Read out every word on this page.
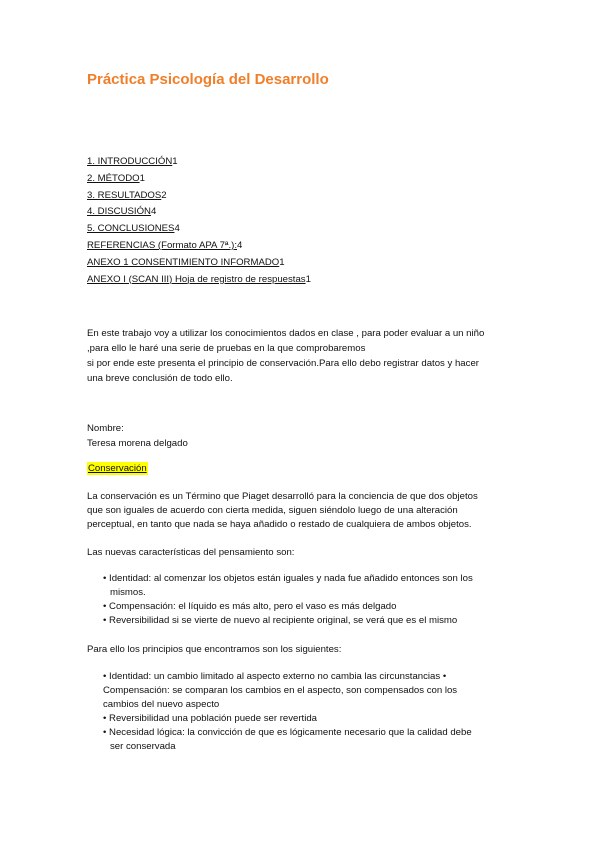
Práctica Psicología del Desarrollo
1. INTRODUCCIÓN1
2. MÉTODO1
3. RESULTADOS2
4. DISCUSIÓN4
5. CONCLUSIONES4
REFERENCIAS (Formato APA 7ª.):4
ANEXO 1 CONSENTIMIENTO INFORMADO1
ANEXO I (SCAN III) Hoja de registro de respuestas1
En este trabajo voy a utilizar los conocimientos dados en clase , para poder evaluar a un niño
,para ello le haré una serie de pruebas en la que comprobaremos
si por ende este presenta el principio de conservación.Para ello debo registrar datos y hacer
una breve conclusión de todo ello.
Nombre:
Teresa morena delgado
Conservación
La conservación es un Término que Piaget desarrolló para la conciencia de que dos objetos
que son iguales de acuerdo con cierta medida, siguen siéndolo luego de una alteración
perceptual, en tanto que nada se haya añadido o restado de cualquiera de ambos objetos.
Las nuevas características del pensamiento son:
• Identidad: al comenzar los objetos están iguales y nada fue añadido entonces son los
mismos.
• Compensación: el líquido es más alto, pero el vaso es más delgado
• Reversibilidad si se vierte de nuevo al recipiente original, se verá que es el mismo
Para ello los principios que encontramos son los siguientes:
• Identidad: un cambio limitado al aspecto externo no cambia las circunstancias •
Compensación: se comparan los cambios en el aspecto, son compensados con los
cambios del nuevo aspecto
• Reversibilidad una población puede ser revertida
• Necesidad lógica: la convicción de que es lógicamente necesario que la calidad debe
ser conservada
